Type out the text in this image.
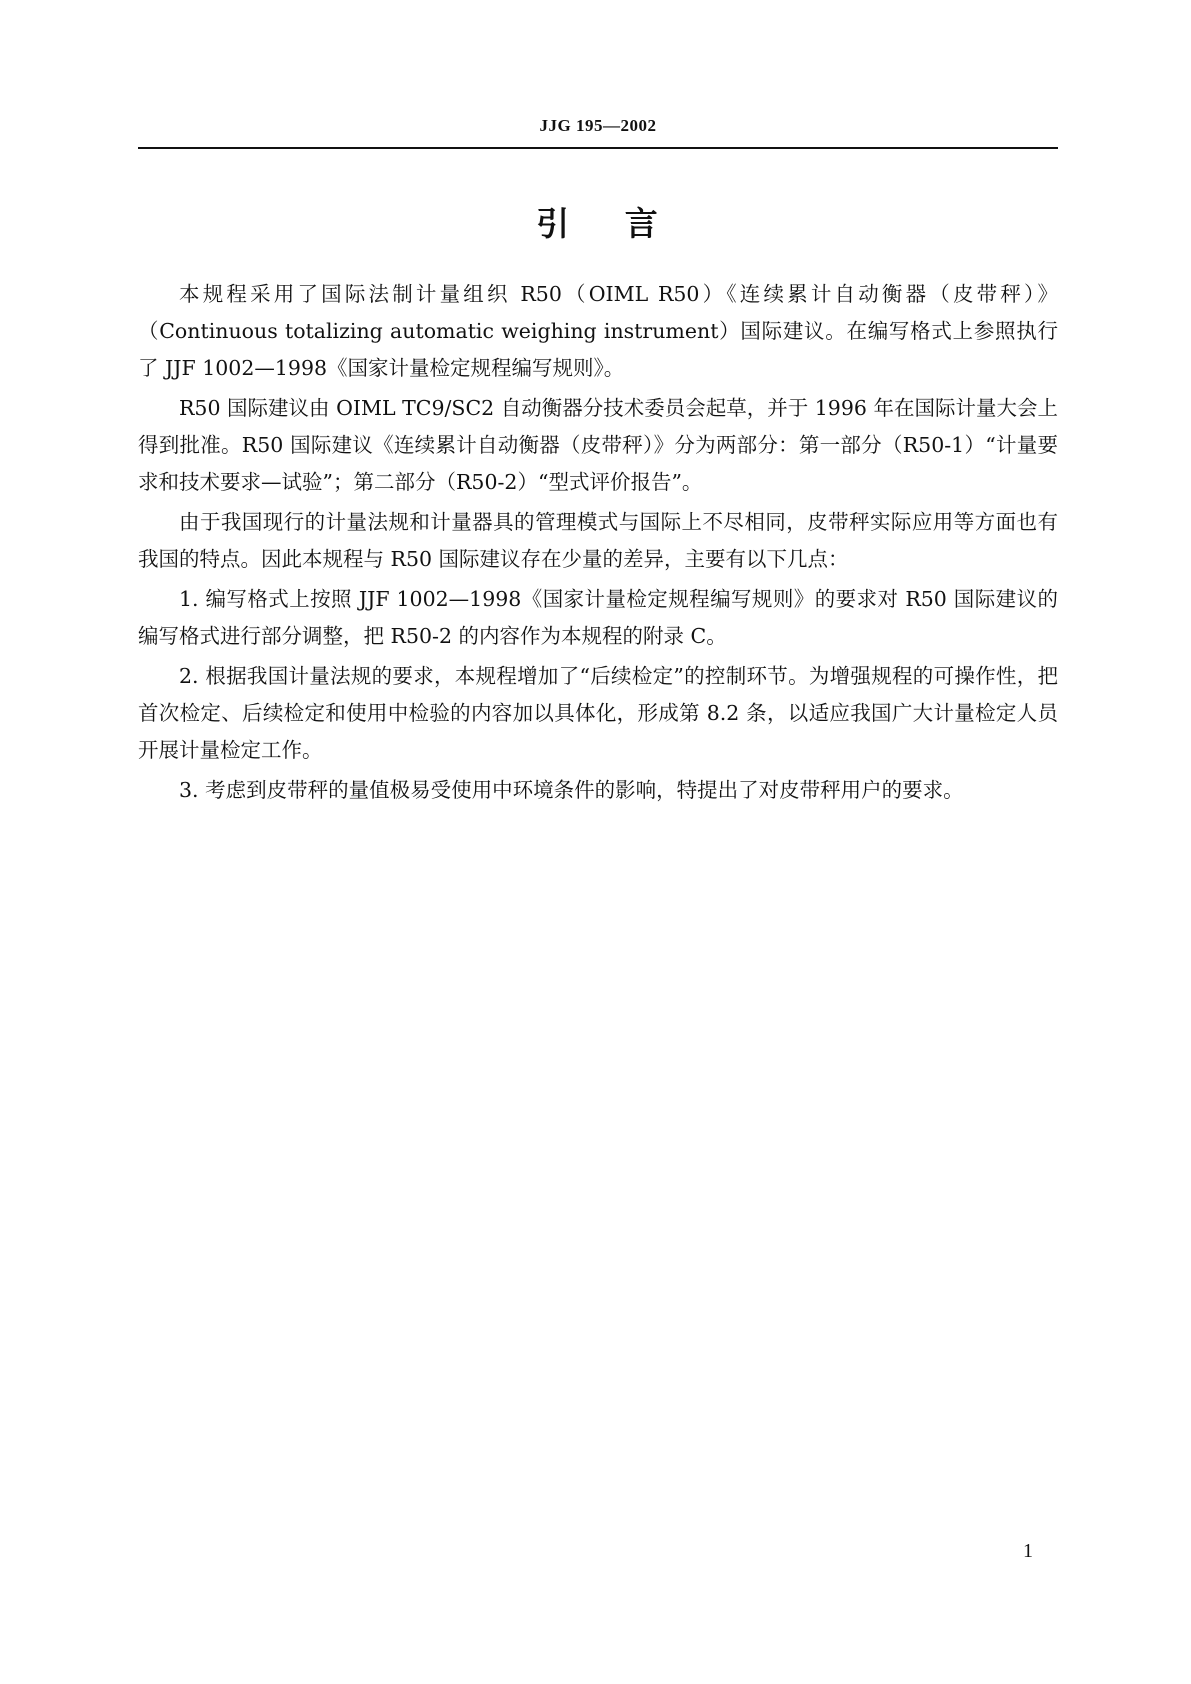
JJG 195—2002
引 言

本规程采用了国际法制计量组织 R50（OIML R50）《连续累计自动衡器（皮带秤）》（Continuous totalizing automatic weighing instrument）国际建议。在编写格式上参照执行了 JJF 1002—1998《国家计量检定规程编写规则》。

R50 国际建议由 OIML TC9/SC2 自动衡器分技术委员会起草，并于 1996 年在国际计量大会上得到批准。R50 国际建议《连续累计自动衡器（皮带秤）》分为两部分：第一部分（R50-1）“计量要求和技术要求—试验”；第二部分（R50-2）“型式评价报告”。

由于我国现行的计量法规和计量器具的管理模式与国际上不尽相同，皮带秤实际应用等方面也有我国的特点。因此本规程与 R50 国际建议存在少量的差异，主要有以下几点：

1. 编写格式上按照 JJF 1002—1998《国家计量检定规程编写规则》的要求对 R50 国际建议的编写格式进行部分调整，把 R50-2 的内容作为本规程的附录 C。

2. 根据我国计量法规的要求，本规程增加了“后续检定”的控制环节。为增强规程的可操作性，把首次检定、后续检定和使用中检验的内容加以具体化，形成第 8.2 条，以适应我国广大计量检定人员开展计量检定工作。

3. 考虑到皮带秤的量值极易受使用中环境条件的影响，特提出了对皮带秤用户的要求。

1
